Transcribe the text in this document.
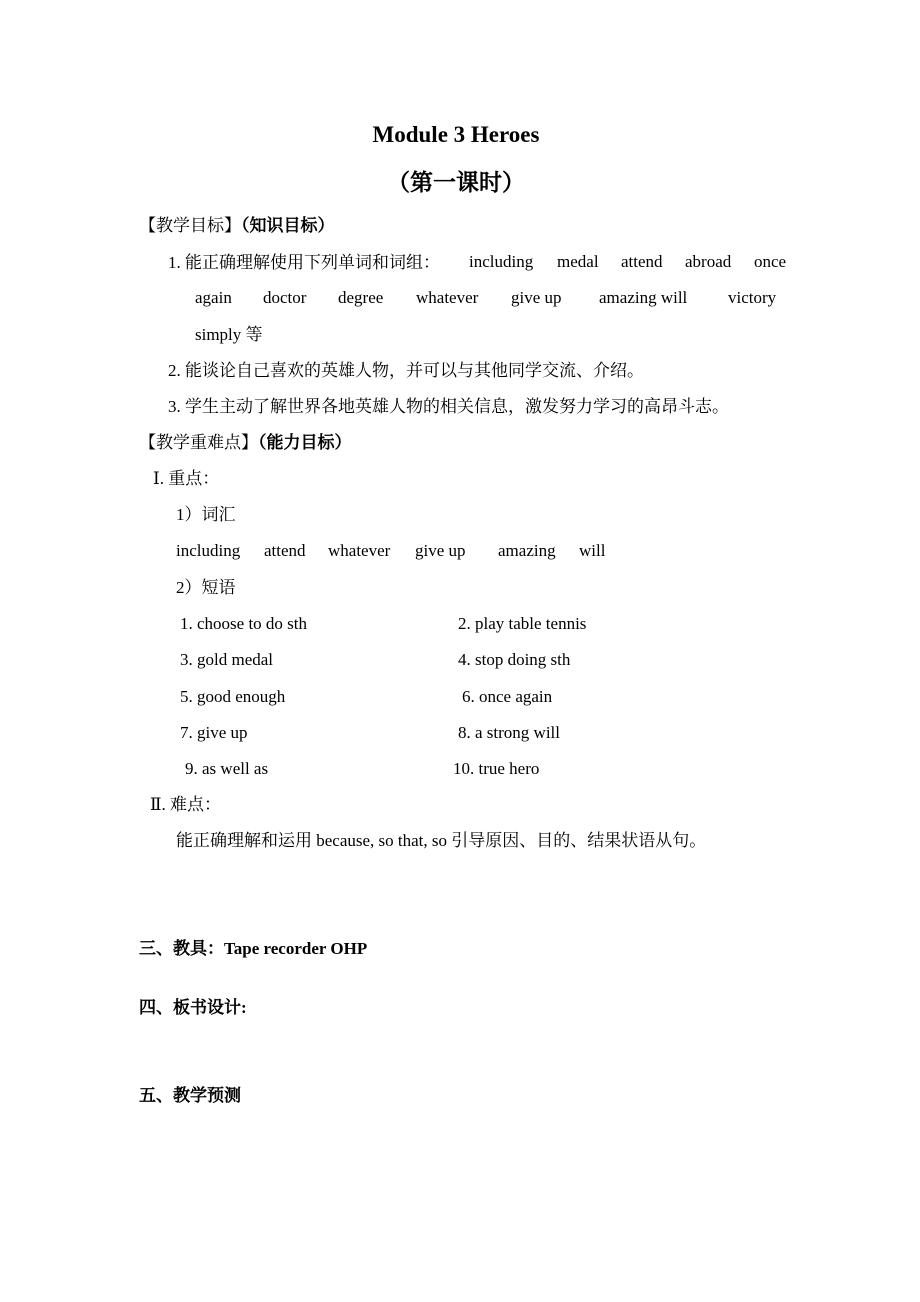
Module 3 Heroes
（第一课时）
【教学目标】（知识目标）
1. 能正确理解使用下列单词和词组： including medal attend abroad once
again doctor degree whatever give up amazing will victory
simply 等
2. 能谈论自己喜欢的英雄人物，并可以与其他同学交流、介绍。
3. 学生主动了解世界各地英雄人物的相关信息，激发努力学习的高昂斗志。
【教学重难点】（能力目标）
Ⅰ. 重点：
1）词汇
including attend whatever give up amazing will
2）短语
1. choose to do sth	2. play table tennis
3. gold medal	4. stop doing sth
5. good enough	6. once again
7. give up	8. a strong will
9. as well as	10. true hero
Ⅱ. 难点：
能正确理解和运用 because, so that, so 引导原因、目的、结果状语从句。
三、教具：Tape recorder OHP
四、板书设计:
五、教学预测
